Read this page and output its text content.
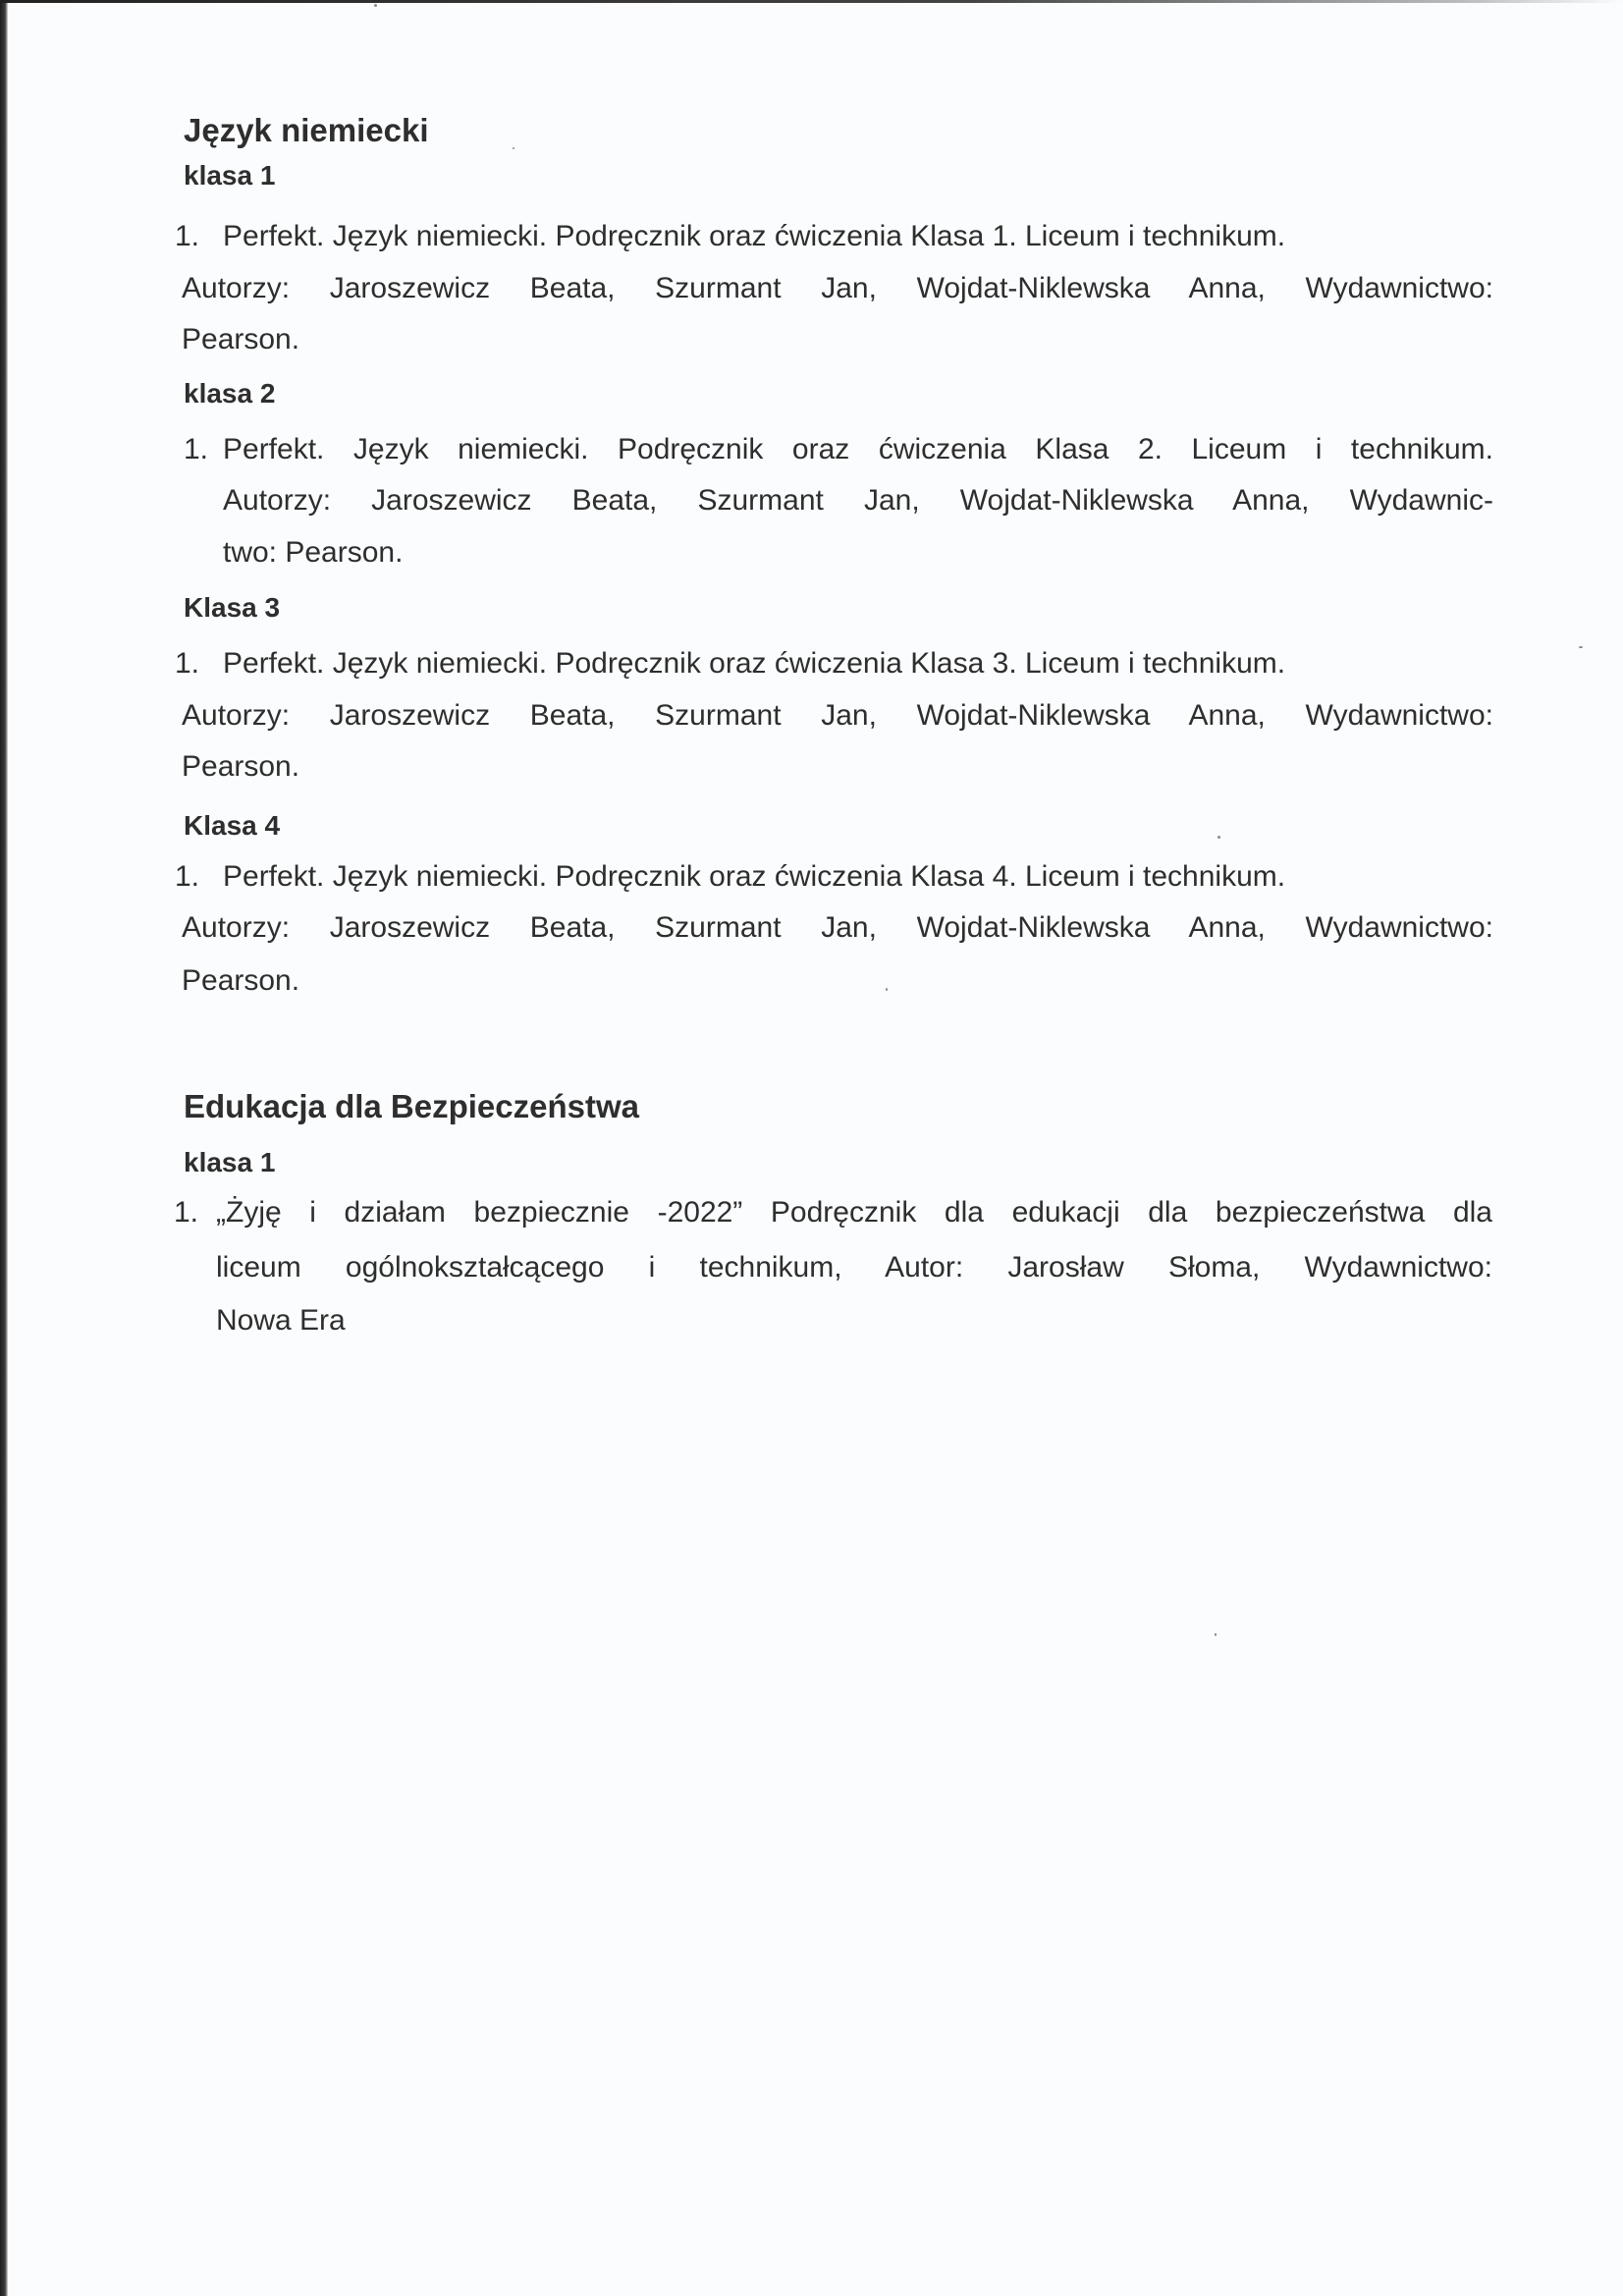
Język niemiecki
klasa 1
1. Perfekt. Język niemiecki. Podręcznik oraz ćwiczenia Klasa 1. Liceum i technikum.

Autorzy: Jaroszewicz Beata, Szurmant Jan, Wojdat-Niklewska Anna, Wydawnictwo:

Pearson.

klasa 2
1. Perfekt. Język niemiecki. Podręcznik oraz ćwiczenia Klasa 2. Liceum i technikum.

Autorzy: Jaroszewicz Beata, Szurmant Jan, Wojdat-Niklewska Anna, Wydawnic-

two: Pearson.

Klasa 3
1. Perfekt. Język niemiecki. Podręcznik oraz ćwiczenia Klasa 3. Liceum i technikum.

Autorzy: Jaroszewicz Beata, Szurmant Jan, Wojdat-Niklewska Anna, Wydawnictwo:

Pearson.

Klasa 4
1. Perfekt. Język niemiecki. Podręcznik oraz ćwiczenia Klasa 4. Liceum i technikum.

Autorzy: Jaroszewicz Beata, Szurmant Jan, Wojdat-Niklewska Anna, Wydawnictwo:

Pearson.

Edukacja dla Bezpieczeństwa
klasa 1
1. „Żyję i działam bezpiecznie -2022” Podręcznik dla edukacji dla bezpieczeństwa dla

liceum ogólnokształcącego i technikum, Autor: Jarosław Słoma, Wydawnictwo:

Nowa Era
